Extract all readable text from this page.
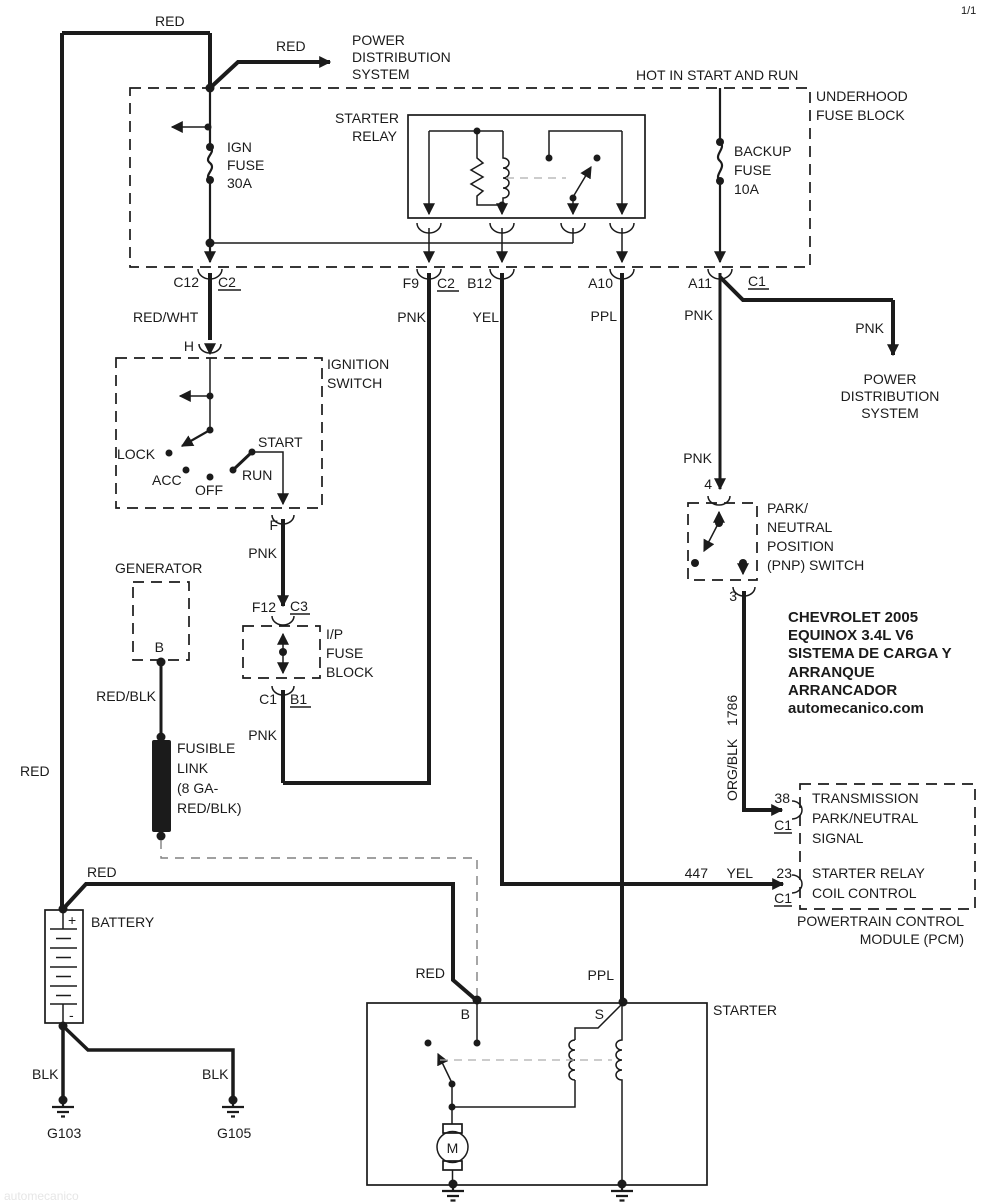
RED
RED	POWER
DISTRIBUTION
SYSTEM
1/1
HOT IN START AND RUN
UNDERHOOD
FUSE BLOCK
IGN
FUSE
30A
STARTER
RELAY
BACKUP
FUSE
10A
C12 C2	F9 C2 B12	A10	A11	C1
RED/WHT	PNK	YEL	PPL	PNK
PNK
POWER
DISTRIBUTION
SYSTEM
PNK
H
IGNITION
SWITCH
LOCK
ACC
OFF
RUN
START
F
PNK
F12 C3
I/P
FUSE
BLOCK
C1 B1
PNK
GENERATOR
B
RED/BLK
FUSIBLE
LINK
(8 GA-
RED/BLK)
RED
4
PARK/
NEUTRAL
POSITION
(PNP) SWITCH
3
1786
ORG/BLK
CHEVROLET 2005
EQUINOX 3.4L V6
SISTEMA DE CARGA Y
ARRANQUE
ARRANCADOR
automecanico.com
38
C1
TRANSMISSION
PARK/NEUTRAL
SIGNAL
447 YEL 23
C1
STARTER RELAY
COIL CONTROL
POWERTRAIN CONTROL
MODULE (PCM)
RED
RED
+
-
BATTERY
BLK	BLK
G103	G105
PPL
STARTER
B	S
M
automecanico
